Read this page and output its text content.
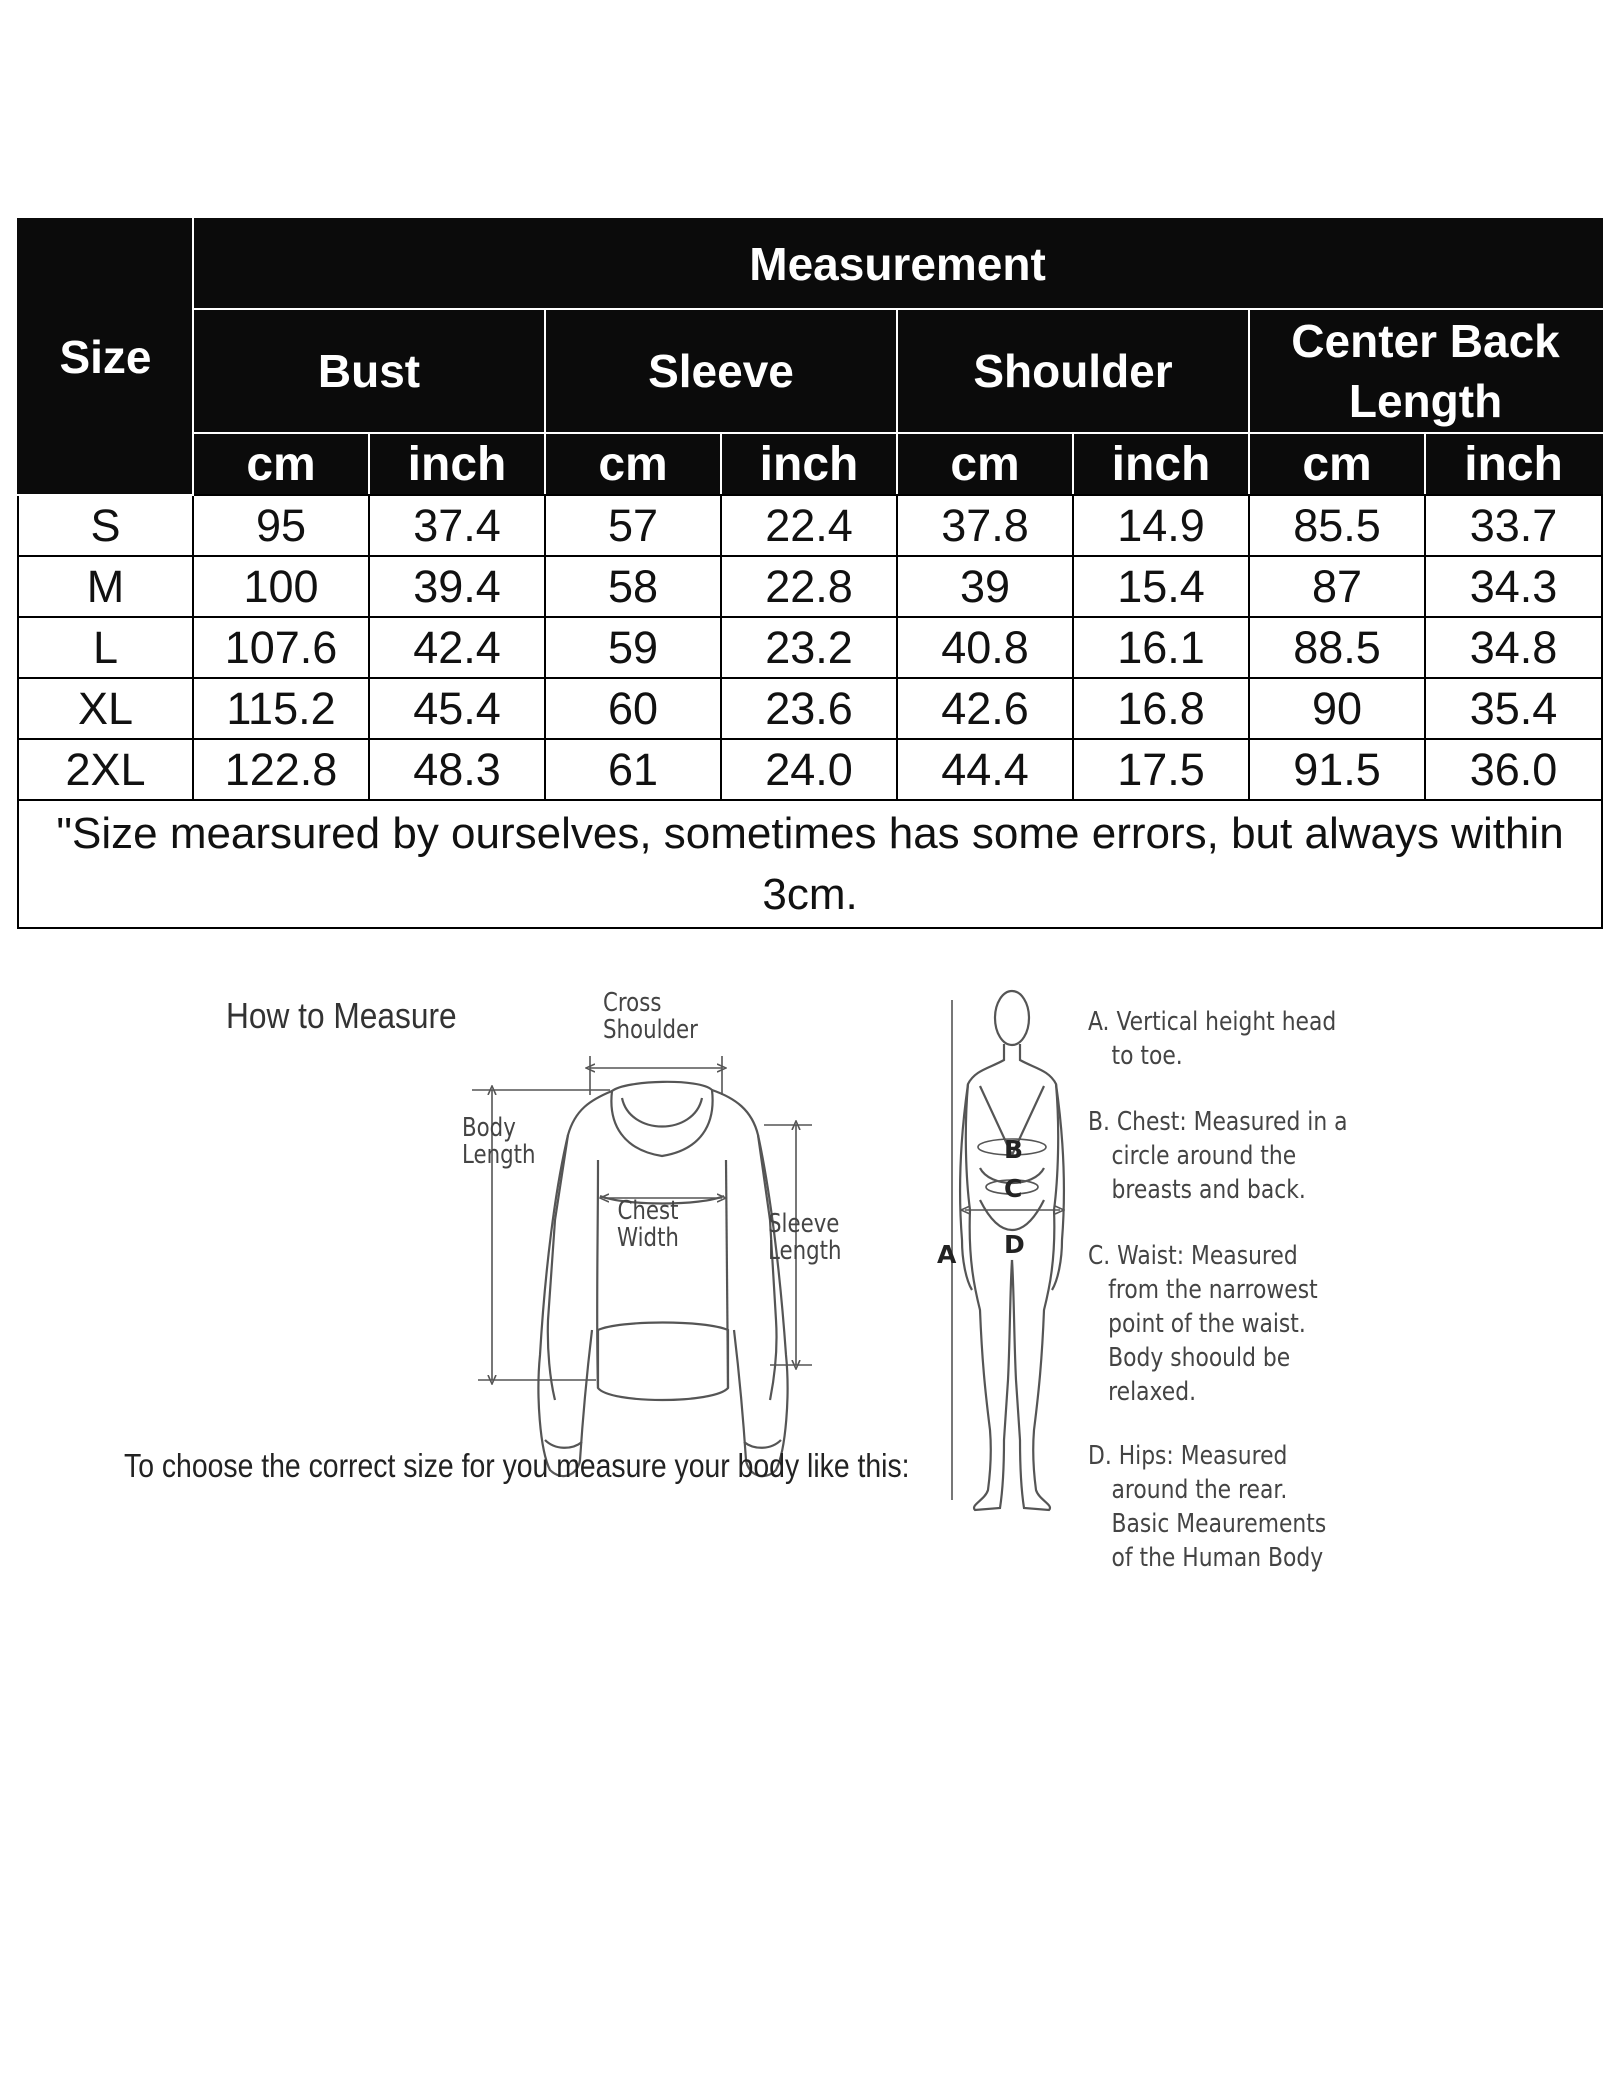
Size	Measurement							
	Bust		Sleeve		Shoulder		Center Back Length	
	cm	inch	cm	inch	cm	inch	cm	inch
S	95	37.4	57	22.4	37.8	14.9	85.5	33.7
M	100	39.4	58	22.8	39	15.4	87	34.3
L	107.6	42.4	59	23.2	40.8	16.1	88.5	34.8
XL	115.2	45.4	60	23.6	42.6	16.8	90	35.4
2XL	122.8	48.3	61	24.0	44.4	17.5	91.5	36.0
"Size mearsured by ourselves, sometimes has some errors, but always within 3cm.								
How to Measure	Cross
Shoulder
Body
Length
Chest
Width	Sleeve
Length
To choose the correct size for you measure your body like this:
A
B
C
D
A. Vertical height head
to toe.
B. Chest: Measured in a
circle around the
breasts and back.
C. Waist: Measured
from the narrowest
point of the waist.
Body shoould be
relaxed.
D. Hips: Measured
around the rear.
Basic Meaurements
of the Human Body
